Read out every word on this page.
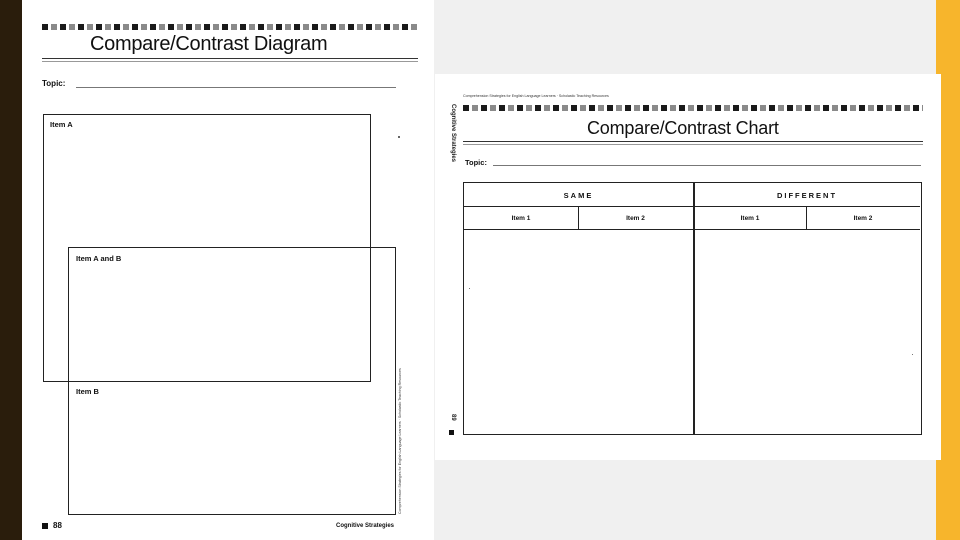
Compare/Contrast Diagram
Topic:
Item A
Item A and B
Item B	Comprehension Strategies for English Language Learners · Scholastic Teaching Resources
88	Cognitive Strategies
Comprehension Strategies for English Language Learners · Scholastic Teaching Resources
Cognitive Strategies	Compare/Contrast Chart
Topic:
SAME	DIFFERENT
Item 1	Item 2	Item 1	Item 2
89
